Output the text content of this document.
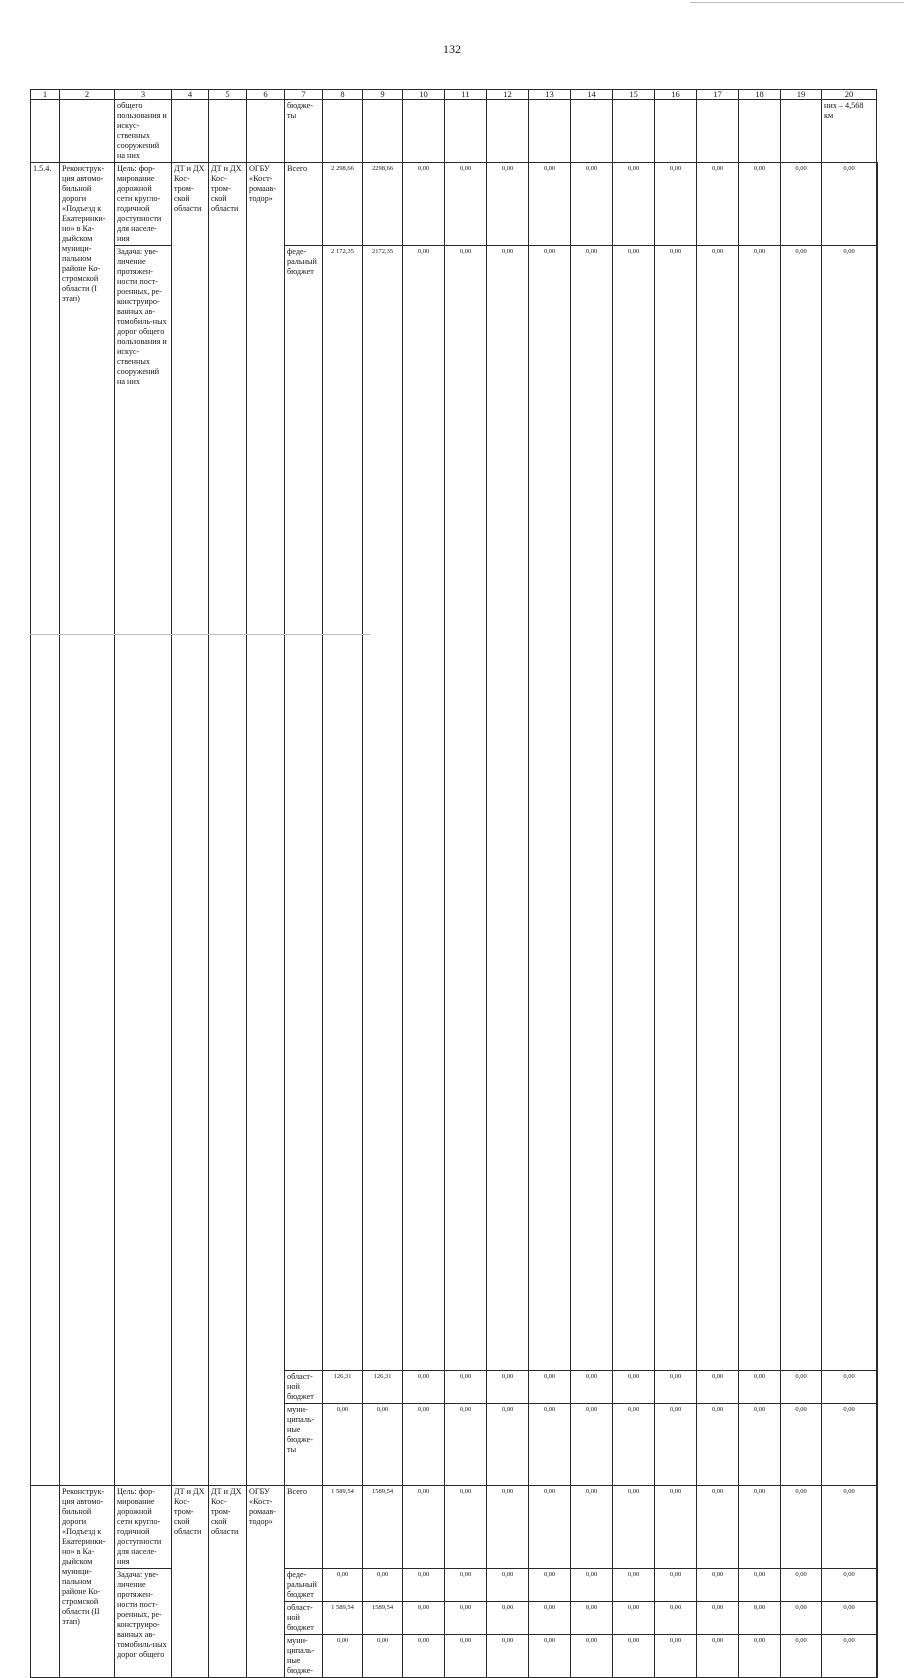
132
1	2	3	4	5	6	7	8	9	10	11	12	13	14	15	16	17	18	19	20	
		общего пользования и искус-ственных сооружений на них				бюдже-ты													них – 4,568 км	
1.5.4.	Реконструк-ция автомо-бильной дороги «Подъезд к Екатеринки-но» в Ка-дыйском муници-пальном районе Ко-стромской области (I этап)	Цель: фор-мирование дорожной сети кругло-годичной доступности для населе-ния	ДТ и ДХ Кос-тром-ской области	ДТ и ДХ Кос-тром-ской области	ОГБУ «Кост-ромаав-тодор»	Всего	2 298,66	2298,66	0,00	0,00	0,00	0,00	0,00	0,00	0,00	0,00	0,00	0,00	0,00	
		Задача: уве-личение протяжен-ности пост-роенных, ре-конструиро-ванных ав-томобиль-ных дорог общего пользования и искус-ственных сооружений на них				феде-ральный бюджет	2 172,35	2172,35	0,00	0,00	0,00	0,00	0,00	0,00	0,00	0,00	0,00	0,00	0,00	
						област-ной бюджет	126,31	126,31	0,00	0,00	0,00	0,00	0,00	0,00	0,00	0,00	0,00	0,00	0,00	
						муни-ципаль-ные бюдже-ты	0,00	0,00	0,00	0,00	0,00	0,00	0,00	0,00	0,00	0,00	0,00	0,00	0,00	
	Реконструк-ция автомо-бильной дороги «Подъезд к Екатеринки-но» в Ка-дыйском муници-пальном районе Ко-стромской области (II этап)	Цель: фор-мирование дорожной сети кругло-годичной доступности для населе-ния	ДТ и ДХ Кос-тром-ской области	ДТ и ДХ Кос-тром-ской области	ОГБУ «Кост-ромаав-тодор»	Всего	1 589,54	1589,54	0,00	0,00	0,00	0,00	0,00	0,00	0,00	0,00	0,00	0,00	0,00	
		Задача: уве-личение протяжен-ности пост-роенных, ре-конструиро-ванных ав-томобиль-ных дорог общего				феде-ральный бюджет	0,00	0,00	0,00	0,00	0,00	0,00	0,00	0,00	0,00	0,00	0,00	0,00	0,00	
						област-ной бюджет	1 589,54	1589,54	0,00	0,00	0,00	0,00	0,00	0,00	0,00	0,00	0,00	0,00	0,00	
						муни-ципаль-ные бюдже-	0,00	0,00	0,00	0,00	0,00	0,00	0,00	0,00	0,00	0,00	0,00	0,00	0,00	
